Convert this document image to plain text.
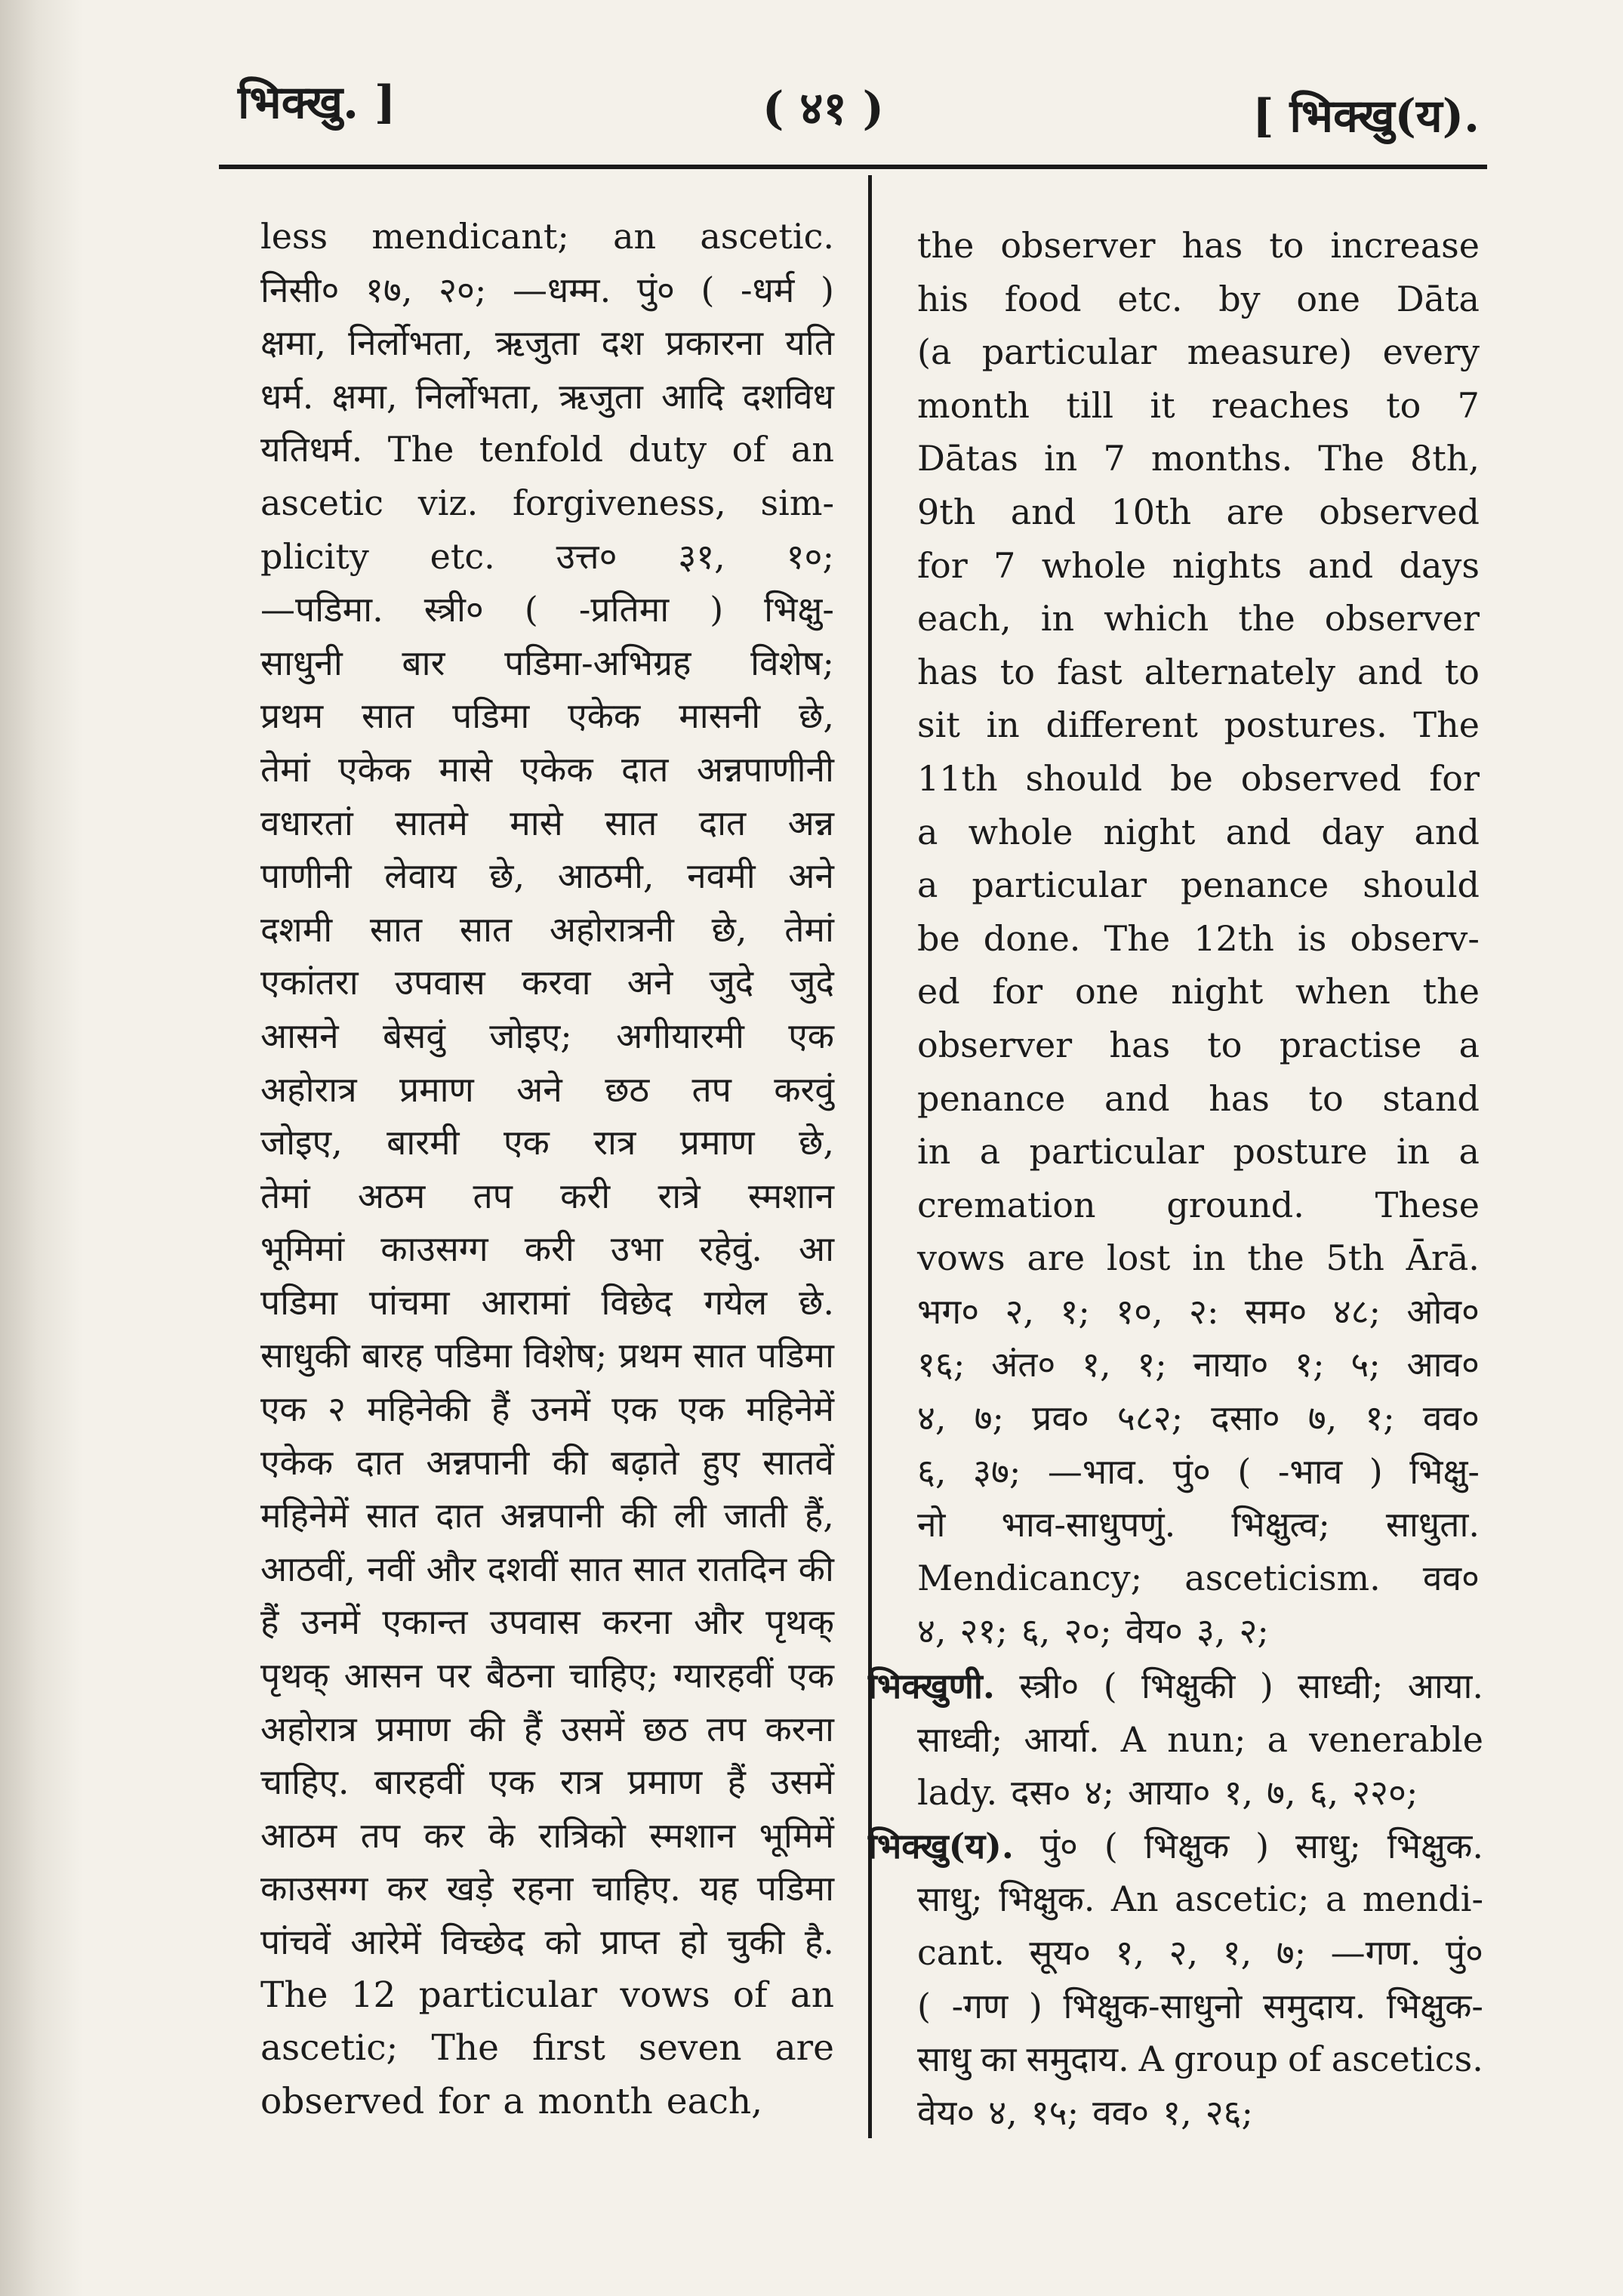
भिक्खु. ]	( ४१ )	[ भिक्खु(य).
less mendicant; an ascetic.
निसी० १७, २०; —धम्म. पुं० ( -धर्म )
क्षमा, निर्लोभता, ऋजुता दश प्रकारना यति
धर्म. क्षमा, निर्लोभता, ऋजुता आदि दशविध
यतिधर्म. The tenfold duty of an
ascetic viz. forgiveness, sim-
plicity etc. उत्त० ३१, १०;
—पडिमा. स्त्री० ( -प्रतिमा ) भिक्षु-
साधुनी बार पडिमा-अभिग्रह विशेष;
प्रथम सात पडिमा एकेक मासनी छे,
तेमां एकेक मासे एकेक दात अन्नपाणीनी
वधारतां सातमे मासे सात दात अन्न
पाणीनी लेवाय छे, आठमी, नवमी अने
दशमी सात सात अहोरात्रनी छे, तेमां
एकांतरा उपवास करवा अने जुदे जुदे
आसने बेसवुं जोइए; अगीयारमी एक
अहोरात्र प्रमाण अने छठ तप करवुं
जोइए, बारमी एक रात्र प्रमाण छे,
तेमां अठम तप करी रात्रे स्मशान
भूमिमां काउसग्ग करी उभा रहेवुं. आ
पडिमा पांचमा आरामां विछेद गयेल छे.
साधुकी बारह पडिमा विशेष; प्रथम सात पडिमा
एक २ महिनेकी हैं उनमें एक एक महिनेमें
एकेक दात अन्नपानी की बढ़ाते हुए सातवें
महिनेमें सात दात अन्नपानी की ली जाती हैं,
आठवीं, नवीं और दशवीं सात सात रातदिन की
हैं उनमें एकान्त उपवास करना और पृथक्
पृथक् आसन पर बैठना चाहिए; ग्यारहवीं एक
अहोरात्र प्रमाण की हैं उसमें छठ तप करना
चाहिए. बारहवीं एक रात्र प्रमाण हैं उसमें
आठम तप कर के रात्रिको स्मशान भूमिमें
काउसग्ग कर खड़े रहना चाहिए. यह पडिमा
पांचवें आरेमें विच्छेद को प्राप्त हो चुकी है.
The 12 particular vows of an
ascetic; The first seven are
observed for a month each,
the observer has to increase
his food etc. by one Dāta
(a particular measure) every
month till it reaches to 7
Dātas in 7 months. The 8th,
9th and 10th are observed
for 7 whole nights and days
each, in which the observer
has to fast alternately and to
sit in different postures. The
11th should be observed for
a whole night and day and
a particular penance should
be done. The 12th is observ-
ed for one night when the
observer has to practise a
penance and has to stand
in a particular posture in a
cremation ground. These
vows are lost in the 5th Ārā.
भग० २, १; १०, २: सम० ४८; ओव०
१६; अंत० १, १; नाया० १; ५; आव०
४, ७; प्रव० ५८२; दसा० ७, १; वव०
६, ३७; —भाव. पुं० ( -भाव ) भिक्षु-
नो भाव-साधुपणुं. भिक्षुत्व; साधुता.
Mendicancy; asceticism. वव०
४, २१; ६, २०; वेय० ३, २;
भिक्खुणी. स्त्री० ( भिक्षुकी ) साध्वी; आया.
साध्वी; आर्या. A nun; a venerable
lady. दस० ४; आया० १, ७, ६, २२०;
भिक्खु(य). पुं० ( भिक्षुक ) साधु; भिक्षुक.
साधु; भिक्षुक. An ascetic; a mendi-
cant. सूय० १, २, १, ७; —गण. पुं०
( -गण ) भिक्षुक-साधुनो समुदाय. भिक्षुक-
साधु का समुदाय. A group of ascetics.
वेय० ४, १५; वव० १, २६;
